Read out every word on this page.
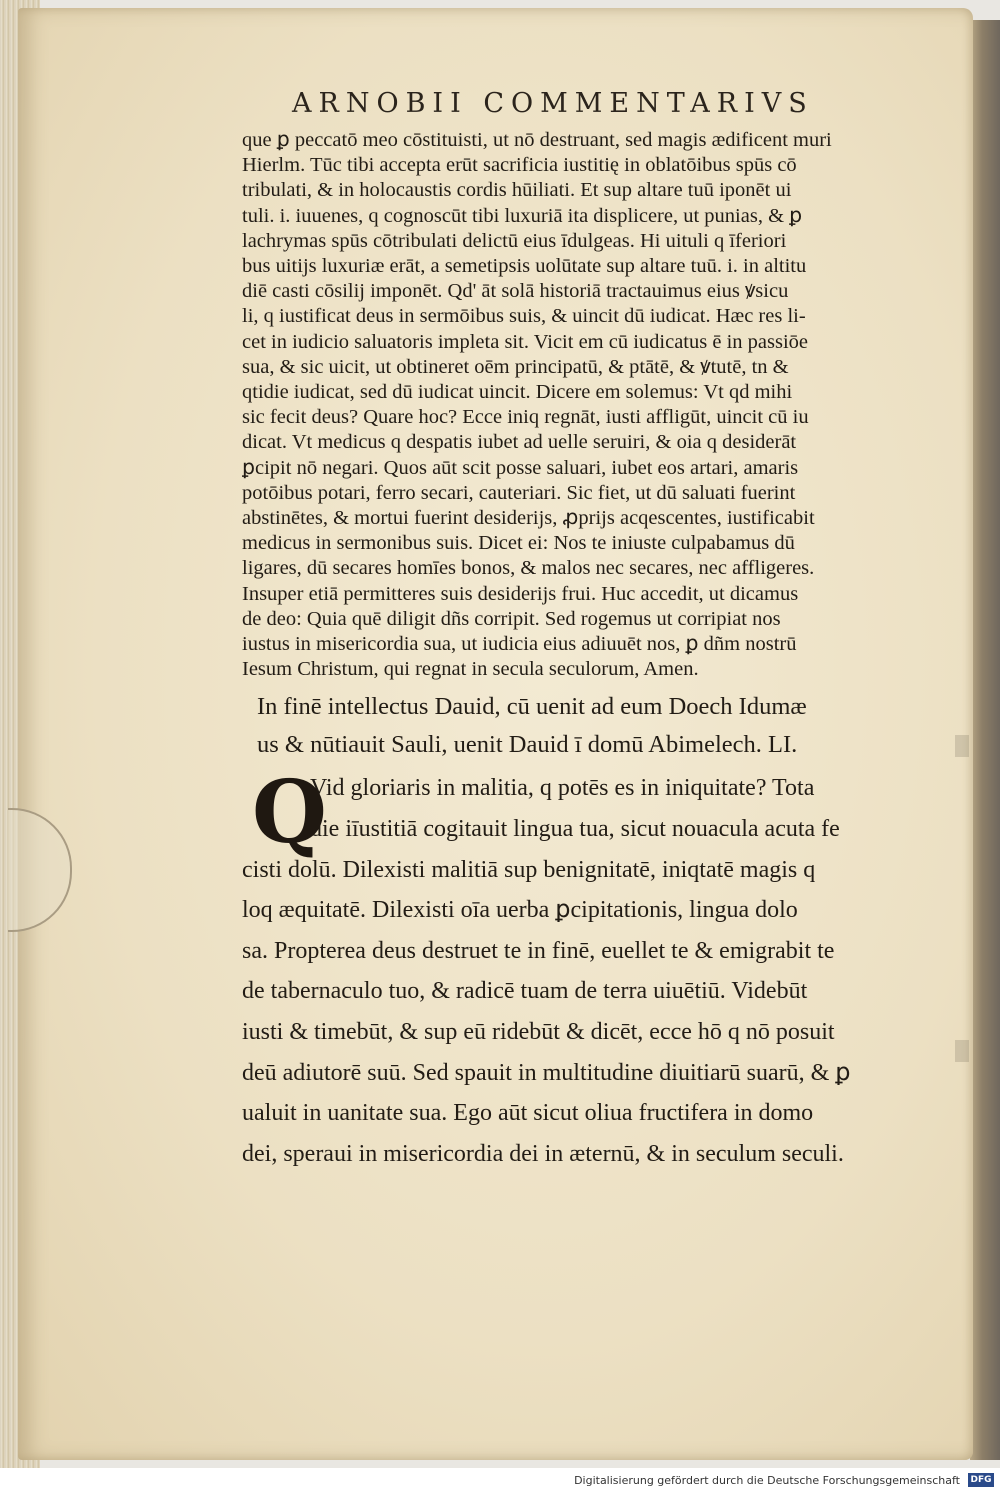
ARNOBII COMMENTARIVS
que ꝑ peccatō meo cōstituisti, ut nō destruant, sed magis ædificent muri
Hierlm. Tūc tibi accepta erūt sacrificia iustitię in oblatōibus spūs cō
tribulati, & in holocaustis cordis hūiliati. Et sup altare tuū iponēt ui
tuli. i. iuuenes, q cognoscūt tibi luxuriā ita displicere, ut punias, & ꝑ
lachrymas spūs cōtribulati delictū eius īdulgeas. Hi uituli q īferiori
bus uitijs luxuriæ erāt, a semetipsis uolūtate sup altare tuū. i. in altitu
diē casti cōsilij imponēt. Qd' āt solā historiā tractauimus eius ꝟsicu
li, q iustificat deus in sermōibus suis, & uincit dū iudicat. Hæc res li-
cet in iudicio saluatoris impleta sit. Vicit em cū iudicatus ē in passiōe
sua, & sic uicit, ut obtineret oēm principatū, & ptātē, & ꝟtutē, tn &
qtidie iudicat, sed dū iudicat uincit. Dicere em solemus: Vt qd mihi
sic fecit deus? Quare hoc? Ecce iniq regnāt, iusti affligūt, uincit cū iu
dicat. Vt medicus q despatis iubet ad uelle seruiri, & oia q desiderāt
ꝑcipit nō negari. Quos aūt scit posse saluari, iubet eos artari, amaris
potōibus potari, ferro secari, cauteriari. Sic fiet, ut dū saluati fuerint
abstinētes, & mortui fuerint desiderijs, ꝓprijs acqescentes, iustificabit
medicus in sermonibus suis. Dicet ei: Nos te iniuste culpabamus dū
ligares, dū secares homīes bonos, & malos nec secares, nec affligeres.
Insuper etiā permitteres suis desiderijs frui. Huc accedit, ut dicamus
de deo: Quia quē diligit dñs corripit. Sed rogemus ut corripiat nos
iustus in misericordia sua, ut iudicia eius adiuuēt nos, ꝑ dñm nostrū
Iesum Christum, qui regnat in secula seculorum, Amen.
In finē intellectus Dauid, cū uenit ad eum Doech Idumæ
us & nūtiauit Sauli, uenit Dauid ī domū Abimelech. LI.
Q
Vid gloriaris in malitia, q potēs es in iniquitate? Tota
die iīustitiā cogitauit lingua tua, sicut nouacula acuta fe
cisti dolū. Dilexisti malitiā sup benignitatē, iniqtatē magis q
loq æquitatē. Dilexisti oīa uerba ꝑcipitationis, lingua dolo
sa. Propterea deus destruet te in finē, euellet te & emigrabit te
de tabernaculo tuo, & radicē tuam de terra uiuētiū. Videbūt
iusti & timebūt, & sup eū ridebūt & dicēt, ecce hō q nō posuit
deū adiutorē suū. Sed spauit in multitudine diuitiarū suarū, & ꝑ
ualuit in uanitate sua. Ego aūt sicut oliua fructifera in domo
dei, speraui in misericordia dei in æternū, & in seculum seculi.
Digitalisierung gefördert durch die Deutsche Forschungsgemeinschaft DFG
